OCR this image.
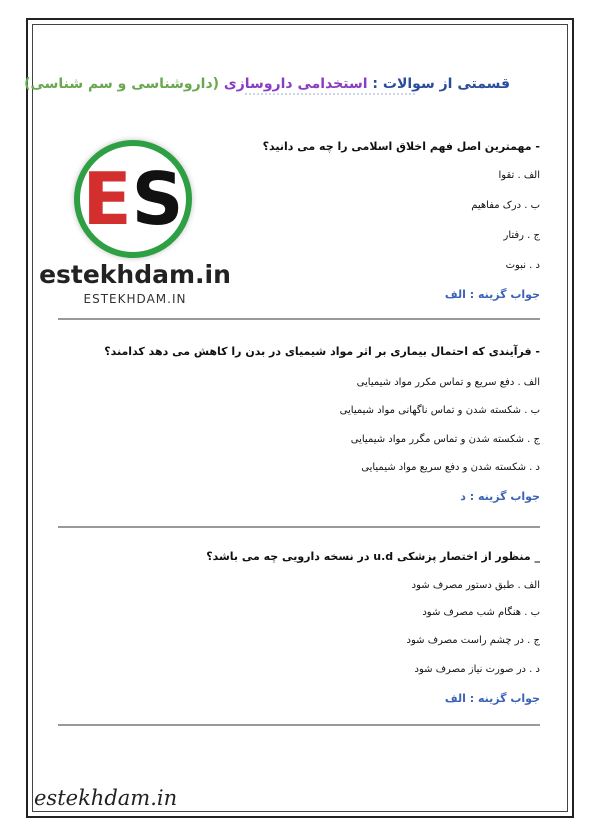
قسمتی از سوالات : استخدامی داروسازی (داروشناسی و سم شناسی)
ES
estekhdam.in
ESTEKHDAM.IN
- مهمترین اصل فهم اخلاق اسلامی را چه می دانید؟
الف . تقوا
ب . درک مفاهیم
ج . رفتار
د . نبوت
جواب گزینه : الف
- فرآیندی که احتمال بیماری بر اثر مواد شیمیای در بدن را کاهش می دهد کدامند؟
الف . دفع سریع و تماس مکرر مواد شیمیایی
ب . شکسته شدن و تماس ناگهانی مواد شیمیایی
ج . شکسته شدن و تماس مگرر مواد شیمیایی
د . شکسته شدن و دفع سریع مواد شیمیایی
جواب گزینه : د
_ منظور از اختصار پزشکی u.d در نسخه دارویی چه می باشد؟
الف . طبق دستور مصرف شود
ب . هنگام شب مصرف شود
ج . در چشم راست مصرف شود
د . در صورت نیاز مصرف شود
جواب گزینه : الف
estekhdam.in
